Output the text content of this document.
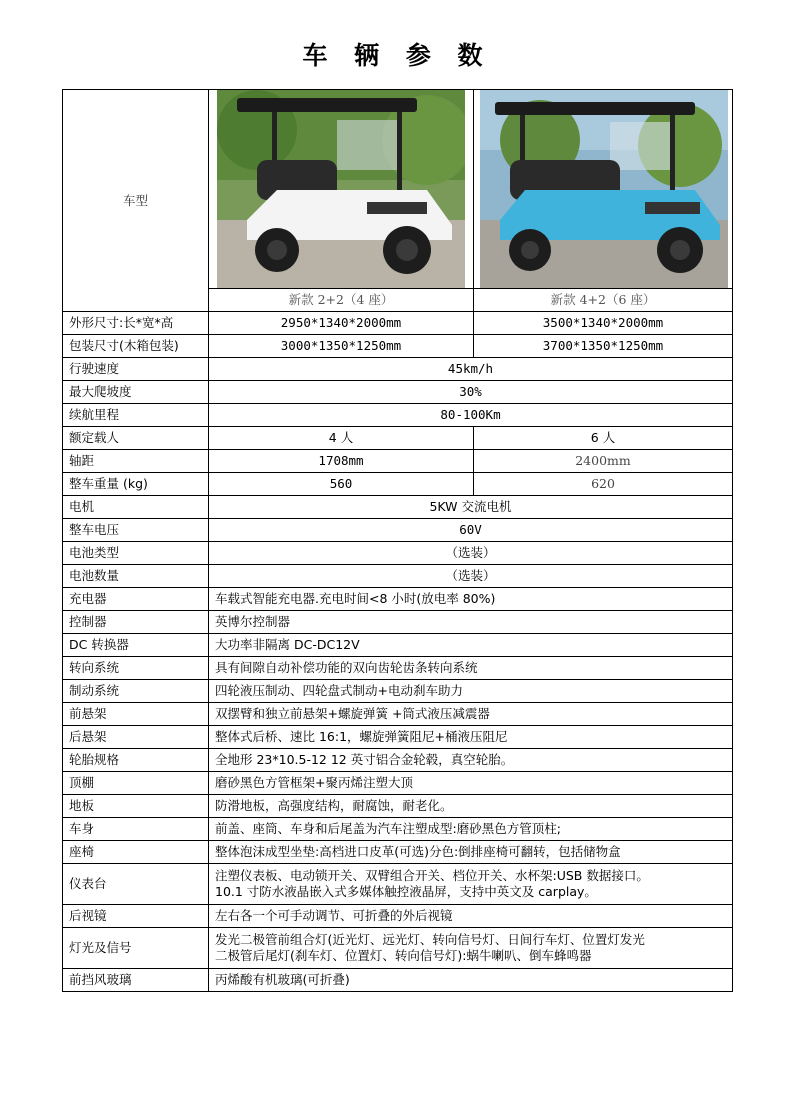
车 辆 参 数
车型	

	新款 2+2（4 座）	新款 4+2（6 座）
外形尺寸:长*宽*高	2950*1340*2000mm	3500*1340*2000mm
包装尺寸(木箱包装)	3000*1350*1250mm	3700*1350*1250mm
行驶速度	45km/h	
最大爬坡度	30%	
续航里程	80-100Km	
额定载人	4 人	6 人
轴距	1708mm	2400mm
整车重量 (kg)	560	620
电机	5KW 交流电机	
整车电压	60V	
电池类型	（选装）	
电池数量	（选装）	
充电器	车载式智能充电器.充电时间<8 小时(放电率 80%)	
控制器	英博尔控制器	
DC 转换器	大功率非隔离 DC-DC12V	
转向系统	具有间隙自动补偿功能的双向齿轮齿条转向系统	
制动系统	四轮液压制动、四轮盘式制动+电动刹车助力	
前悬架	双摆臂和独立前悬架+螺旋弹簧 +筒式液压减震器	
后悬架	整体式后桥、速比 16:1，螺旋弹簧阻尼+桶液压阻尼	
轮胎规格	全地形 23*10.5-12 12 英寸铝合金轮毂，真空轮胎。	
顶棚	磨砂黑色方管框架+聚丙烯注塑大顶	
地板	防滑地板，高强度结构，耐腐蚀，耐老化。	
车身	前盖、座筒、车身和后尾盖为汽车注塑成型:磨砂黑色方管顶柱;	
座椅	整体泡沫成型坐垫:高档进口皮革(可选)分色:倒排座椅可翻转，包括储物盒	
仪表台	注塑仪表板、电动锁开关、双臂组合开关、档位开关、水杯架:USB 数据接口。
10.1 寸防水液晶嵌入式多媒体触控液晶屏，支持中英文及 carplay。	

后视镜	左右各一个可手动调节、可折叠的外后视镜	
灯光及信号	发光二极管前组合灯(近光灯、远光灯、转向信号灯、日间行车灯、位置灯发光
二极管后尾灯(刹车灯、位置灯、转向信号灯):蜗牛喇叭、倒车蜂鸣器	

前挡风玻璃	丙烯酸有机玻璃(可折叠)	
